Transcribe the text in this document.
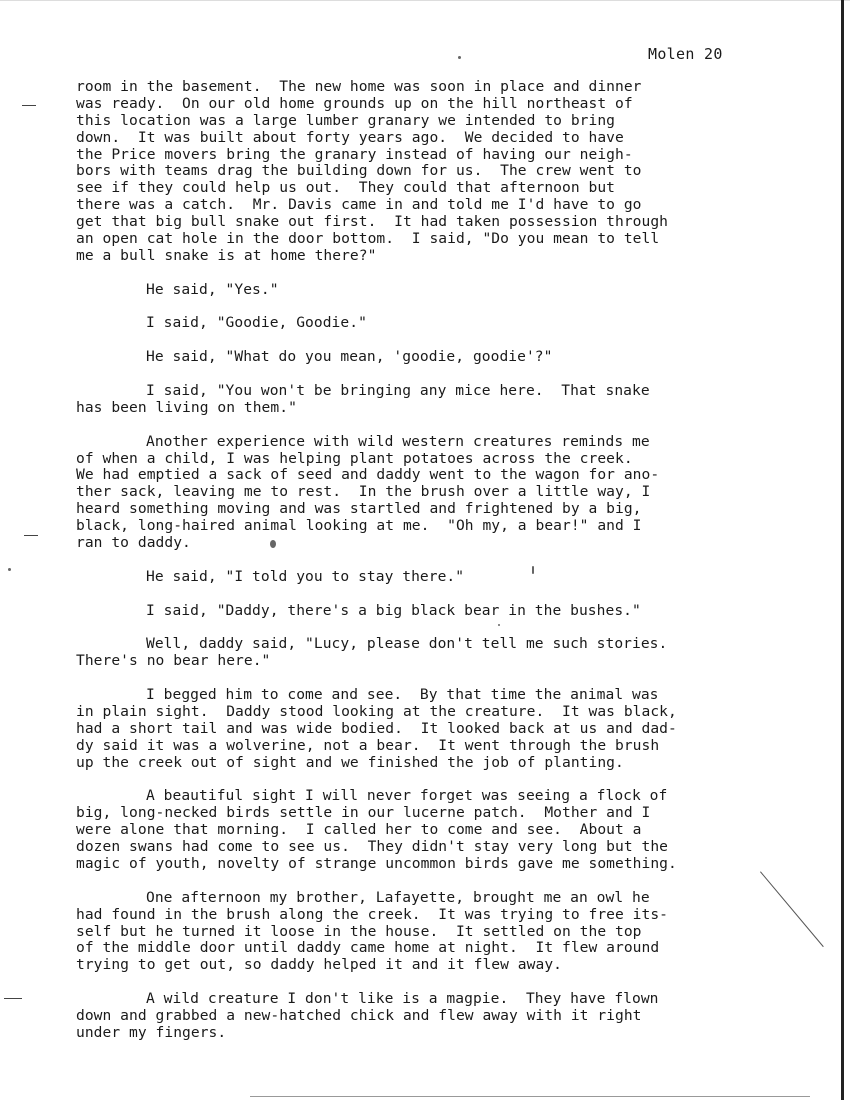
Molen 20
room in the basement.  The new home was soon in place and dinner
was ready.  On our old home grounds up on the hill northeast of
this location was a large lumber granary we intended to bring
down.  It was built about forty years ago.  We decided to have
the Price movers bring the granary instead of having our neigh-
bors with teams drag the building down for us.  The crew went to
see if they could help us out.  They could that afternoon but
there was a catch.  Mr. Davis came in and told me I'd have to go
get that big bull snake out first.  It had taken possession through
an open cat hole in the door bottom.  I said, "Do you mean to tell
me a bull snake is at home there?"
He said, "Yes."
I said, "Goodie, Goodie."
He said, "What do you mean, 'goodie, goodie'?"
I said, "You won't be bringing any mice here.  That snake
has been living on them."
Another experience with wild western creatures reminds me
of when a child, I was helping plant potatoes across the creek.
We had emptied a sack of seed and daddy went to the wagon for ano-
ther sack, leaving me to rest.  In the brush over a little way, I
heard something moving and was startled and frightened by a big,
black, long-haired animal looking at me.  "Oh my, a bear!" and I
ran to daddy.
He said, "I told you to stay there."
I said, "Daddy, there's a big black bear in the bushes."
Well, daddy said, "Lucy, please don't tell me such stories.
There's no bear here."
I begged him to come and see.  By that time the animal was
in plain sight.  Daddy stood looking at the creature.  It was black,
had a short tail and was wide bodied.  It looked back at us and dad-
dy said it was a wolverine, not a bear.  It went through the brush
up the creek out of sight and we finished the job of planting.
A beautiful sight I will never forget was seeing a flock of
big, long-necked birds settle in our lucerne patch.  Mother and I
were alone that morning.  I called her to come and see.  About a
dozen swans had come to see us.  They didn't stay very long but the
magic of youth, novelty of strange uncommon birds gave me something.
One afternoon my brother, Lafayette, brought me an owl he
had found in the brush along the creek.  It was trying to free its-
self but he turned it loose in the house.  It settled on the top
of the middle door until daddy came home at night.  It flew around
trying to get out, so daddy helped it and it flew away.
A wild creature I don't like is a magpie.  They have flown
down and grabbed a new-hatched chick and flew away with it right
under my fingers.
